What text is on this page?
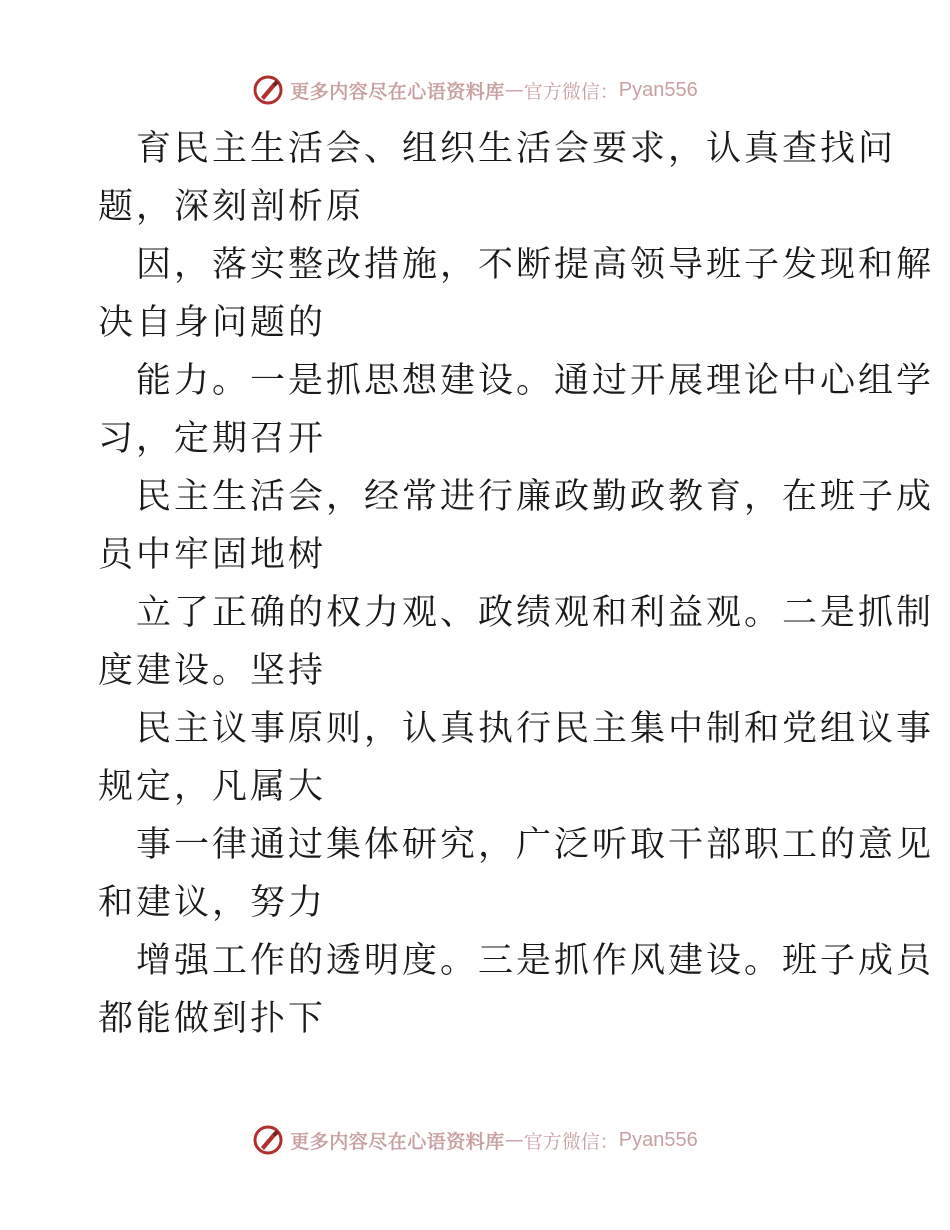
更多内容尽在心语资料库 — 官方微信： Pyan556
育民主生活会、组织生活会要求，认真查找问
题，深刻剖析原
因，落实整改措施，不断提高领导班子发现和解
决自身问题的
能力。一是抓思想建设。通过开展理论中心组学
习，定期召开
民主生活会，经常进行廉政勤政教育，在班子成
员中牢固地树
立了正确的权力观、政绩观和利益观。二是抓制
度建设。坚持
民主议事原则，认真执行民主集中制和党组议事
规定，凡属大
事一律通过集体研究，广泛听取干部职工的意见
和建议，努力
增强工作的透明度。三是抓作风建设。班子成员
都能做到扑下
更多内容尽在心语资料库 — 官方微信： Pyan556
